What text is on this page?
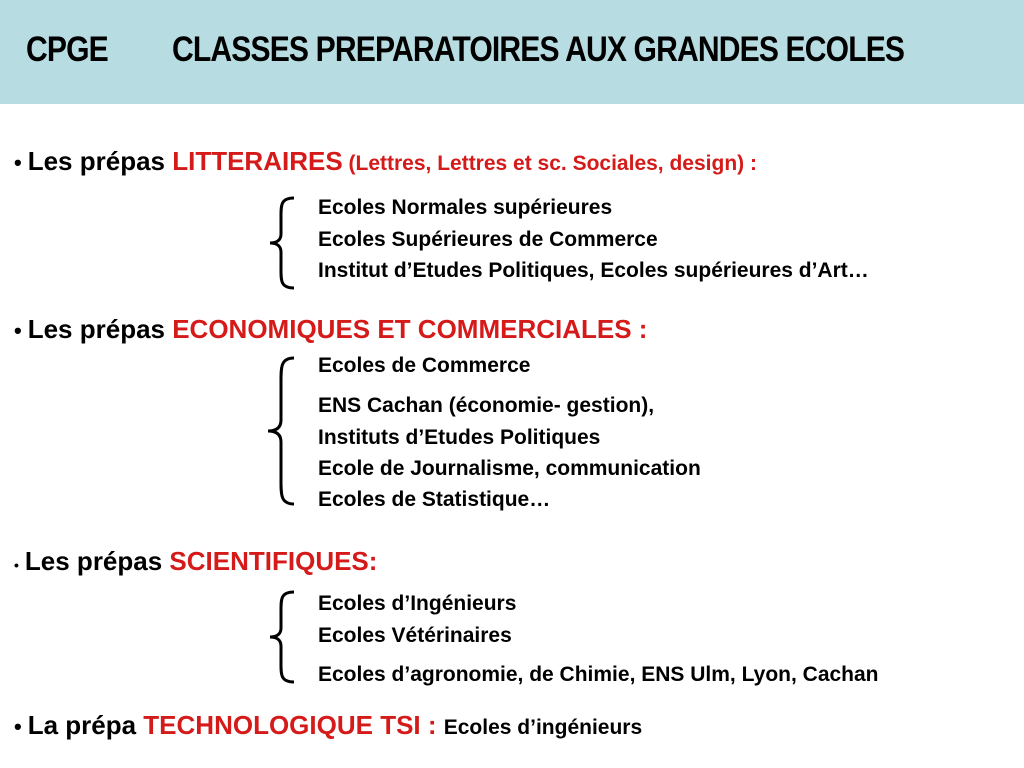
CPGE CLASSES PREPARATOIRES AUX GRANDES ECOLES
• Les prépas LITTERAIRES (Lettres, Lettres et sc. Sociales, design) :
Ecoles Normales supérieures
Ecoles Supérieures de Commerce
Institut d’Etudes Politiques, Ecoles supérieures d’Art…
• Les prépas ECONOMIQUES ET COMMERCIALES :
Ecoles de Commerce
ENS Cachan (économie- gestion),
Instituts d’Etudes Politiques
Ecole de Journalisme, communication
Ecoles de Statistique…
• Les prépas SCIENTIFIQUES:
Ecoles d’Ingénieurs
Ecoles Vétérinaires
Ecoles d’agronomie, de Chimie, ENS Ulm, Lyon, Cachan
• La prépa TECHNOLOGIQUE TSI : Ecoles d’ingénieurs
